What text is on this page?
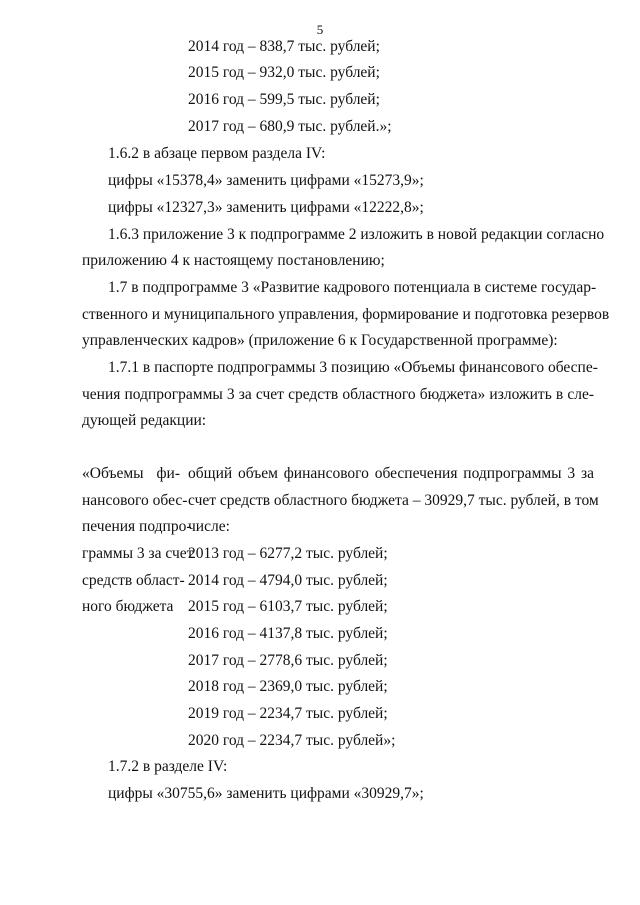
5
2014 год – 838,7 тыс. рублей;
2015 год – 932,0 тыс. рублей;
2016 год – 599,5 тыс. рублей;
2017 год – 680,9 тыс. рублей.»;
1.6.2 в абзаце первом раздела IV:
цифры «15378,4» заменить цифрами «15273,9»;
цифры «12327,3» заменить цифрами «12222,8»;
1.6.3 приложение 3 к подпрограмме 2 изложить в новой редакции согласно
приложению 4 к настоящему постановлению;
1.7 в подпрограмме 3 «Развитие кадрового потенциала в системе государ-
ственного и муниципального управления, формирование и подготовка резервов
управленческих кадров» (приложение 6 к Государственной программе):
1.7.1 в паспорте подпрограммы 3 позицию «Объемы финансового обеспе-
чения подпрограммы 3 за счет средств областного бюджета» изложить в сле-
дующей редакции:
«Объемы фи-
нансового обес-
печения подпро-
граммы 3 за счет
средств област-
ного бюджета
общий объем финансового обеспечения подпрограммы 3 за
счет средств областного бюджета – 30929,7 тыс. рублей, в том
числе:
2013 год – 6277,2 тыс. рублей;
2014 год – 4794,0 тыс. рублей;
2015 год – 6103,7 тыс. рублей;
2016 год – 4137,8 тыс. рублей;
2017 год – 2778,6 тыс. рублей;
2018 год – 2369,0 тыс. рублей;
2019 год – 2234,7 тыс. рублей;
2020 год – 2234,7 тыс. рублей»;
1.7.2 в разделе IV:
цифры «30755,6» заменить цифрами «30929,7»;
